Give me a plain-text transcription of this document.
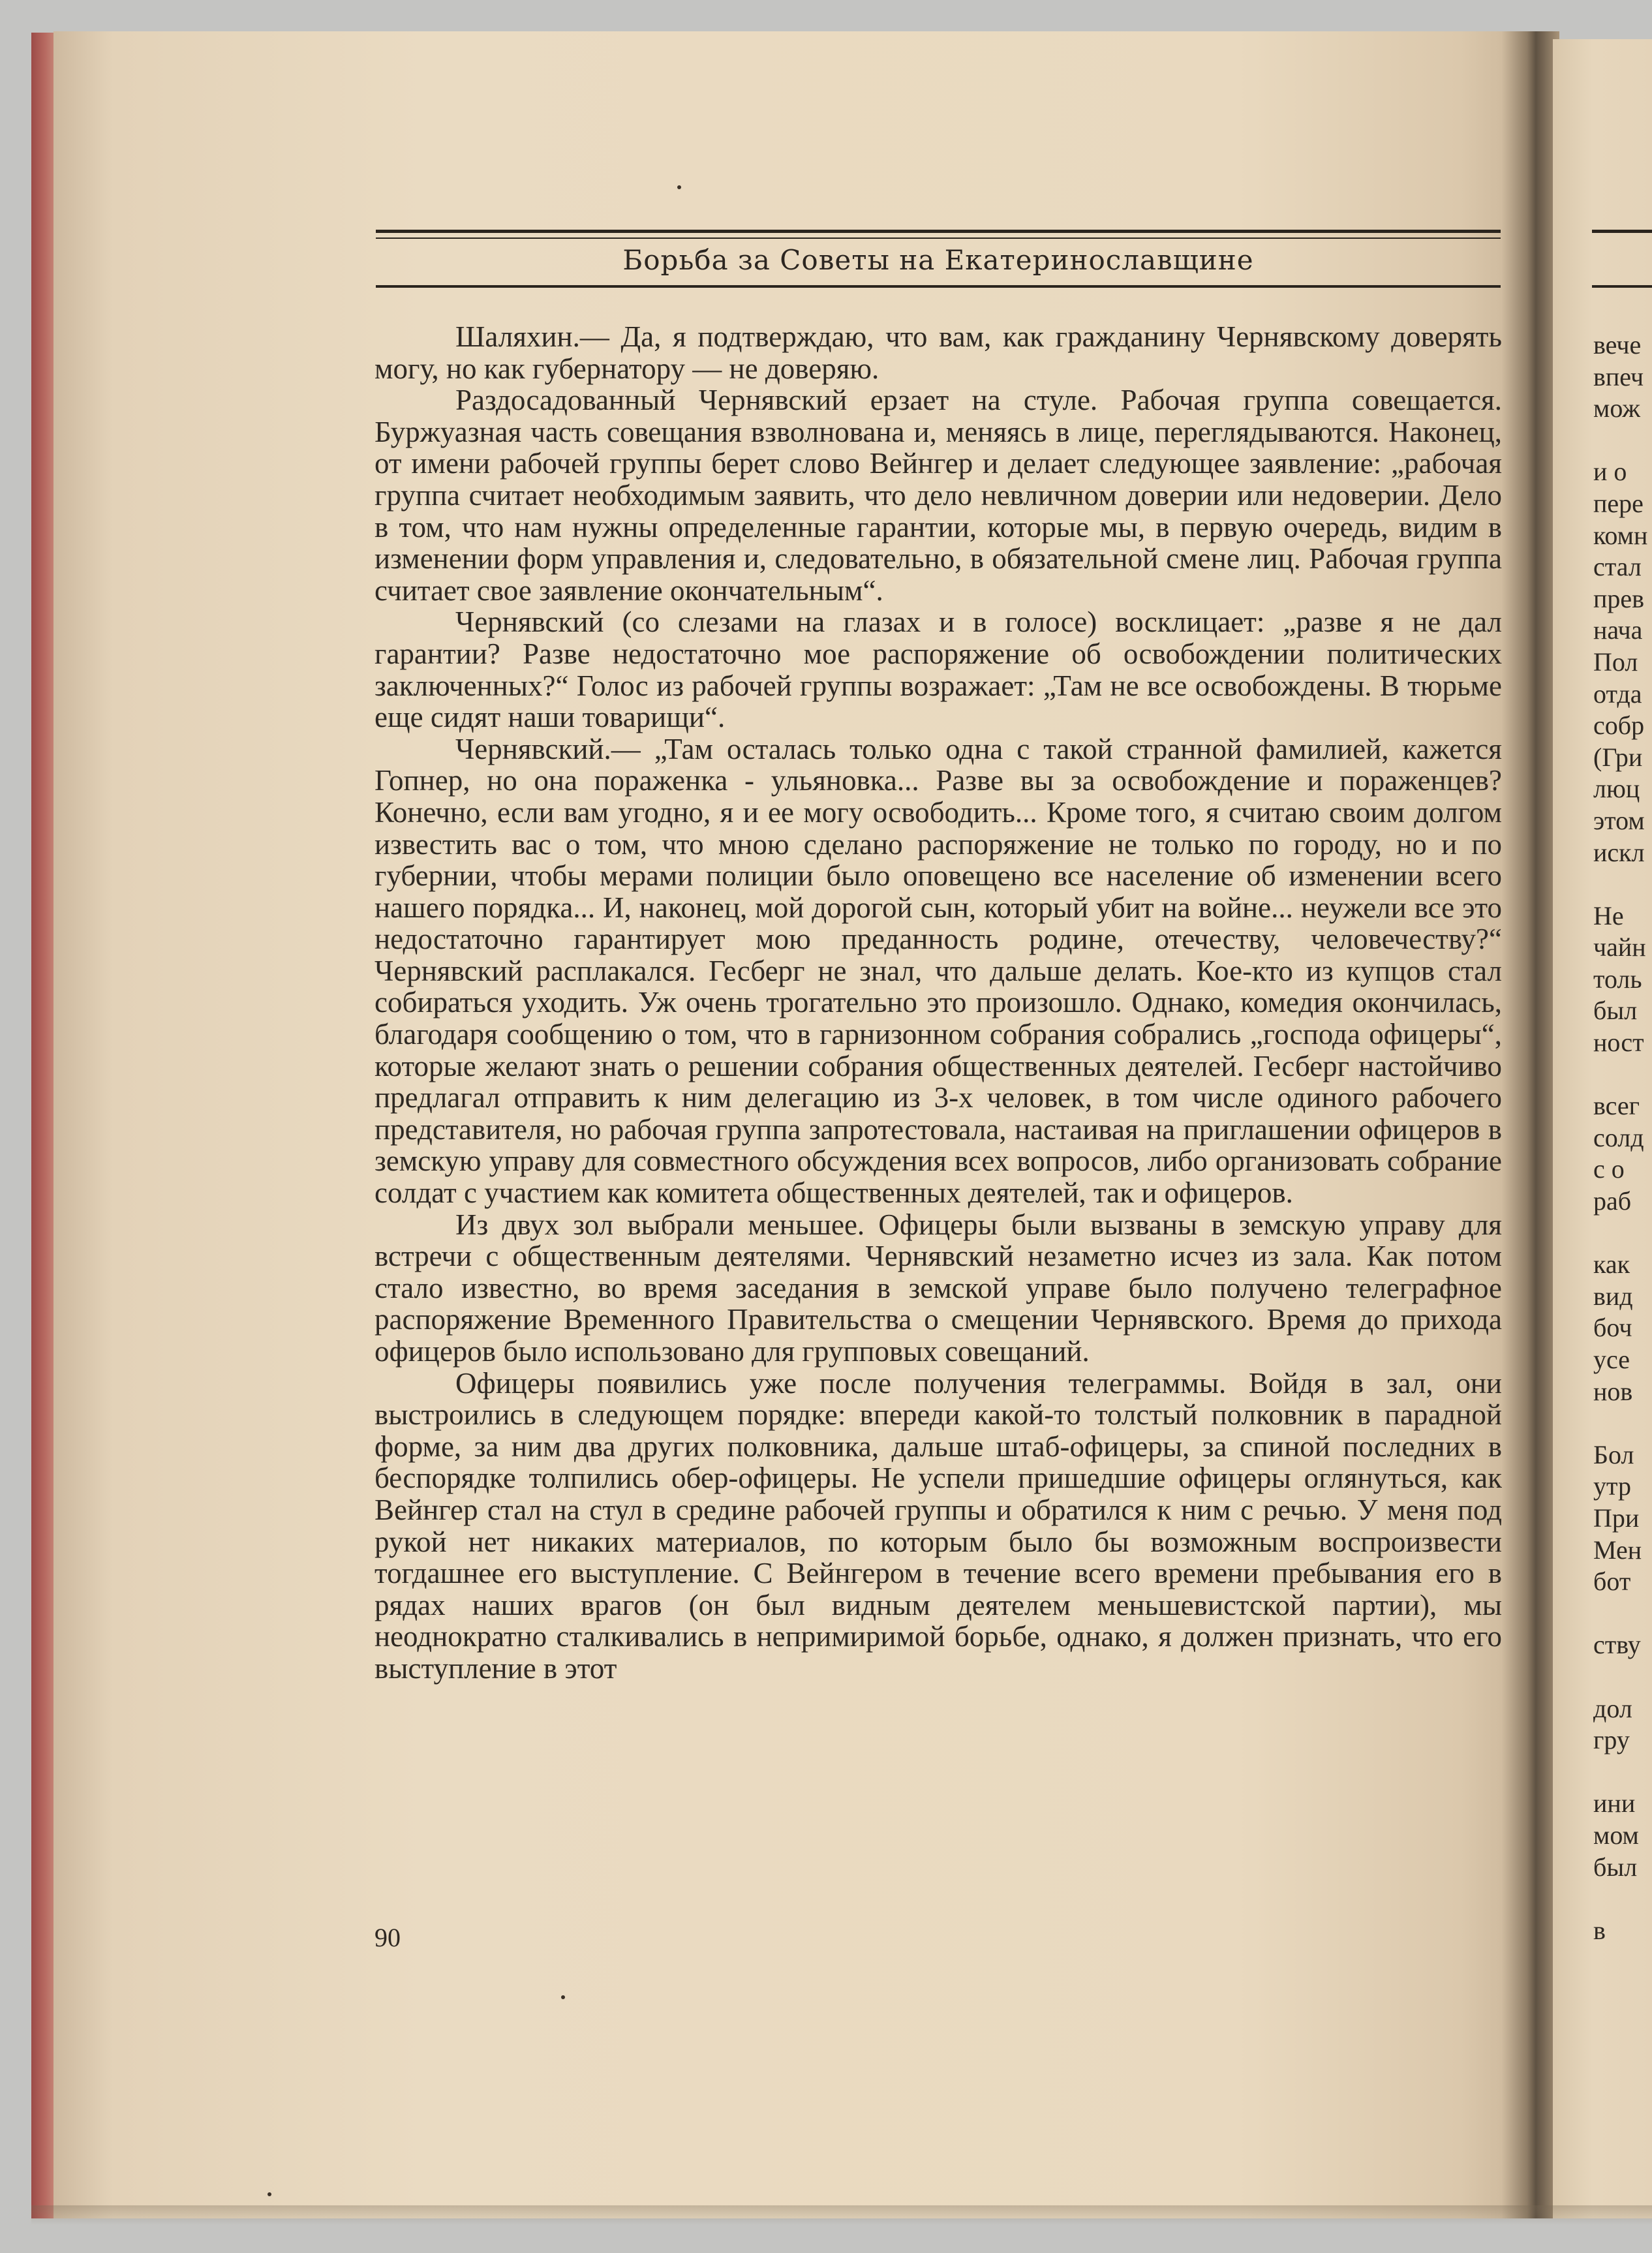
Борьба за Советы на Екатеринославщине

Шаляхин.— Да, я подтверждаю, что вам, как гражданину Чернявскому доверять могу, но как губернатору — не доверяю.

Раздосадованный Чернявский ерзает на стуле. Рабочая группа совещается. Буржуазная часть совещания взволнована и, меняясь в лице, переглядываются. Наконец, от имени рабочей группы берет слово Вейнгер и делает следующее заявление: „рабочая группа считает необходимым заявить, что дело невличном доверии или недоверии. Дело в том, что нам нужны определенные гарантии, которые мы, в первую очередь, видим в изменении форм управления и, следовательно, в обязательной смене лиц. Рабочая группа считает свое заявление окончательным“.

Чернявский (со слезами на глазах и в голосе) восклицает: „разве я не дал гарантии? Разве недостаточно мое распоряжение об освобождении политических заключенных?“ Голос из рабочей группы возражает: „Там не все освобождены. В тюрьме еще сидят наши товарищи“.

Чернявский.— „Там осталась только одна с такой странной фамилией, кажется Гопнер, но она пораженка - ульяновка... Разве вы за освобождение и пораженцев? Конечно, если вам угодно, я и ее могу освободить... Кроме того, я считаю своим долгом известить вас о том, что мною сделано распоряжение не только по городу, но и по губернии, чтобы мерами полиции было оповещено все население об изменении всего нашего порядка... И, наконец, мой дорогой сын, который убит на войне... неужели все это недостаточно гарантирует мою преданность родине, отечеству, человечеству?“ Чернявский расплакался. Гесберг не знал, что дальше делать. Кое-кто из купцов стал собираться уходить. Уж очень трогательно это произошло. Однако, комедия окончилась, благодаря сообщению о том, что в гарнизонном собрания собрались „господа офицеры“, которые желают знать о решении собрания общественных деятелей. Гесберг настойчиво предлагал отправить к ним делегацию из 3-х человек, в том числе одиного рабочего представителя, но рабочая группа запротестовала, настаивая на приглашении офицеров в земскую управу для совместного обсуждения всех вопросов, либо организовать собрание солдат с участием как комитета общественных деятелей, так и офицеров.

Из двух зол выбрали меньшее. Офицеры были вызваны в земскую управу для встречи с общественным деятелями. Чернявский незаметно исчез из зала. Как потом стало известно, во время заседания в земской управе было получено телеграфное распоряжение Временного Правительства о смещении Чернявского. Время до прихода офицеров было использовано для групповых совещаний.

Офицеры появились уже после получения телеграммы. Войдя в зал, они выстроились в следующем порядке: впереди какой-то толстый полковник в парадной форме, за ним два других полковника, дальше штаб-офицеры, за спиной последних в беспорядке толпились обер-офицеры. Не успели пришедшие офицеры оглянуться, как Вейнгер стал на стул в средине рабочей группы и обратился к ним с речью. У меня под рукой нет никаких материалов, по которым было бы возможным воспроизвести тогдашнее его выступление. С Вейнгером в течение всего времени пребывания его в рядах наших врагов (он был видным деятелем меньшевистской партии), мы неоднократно сталкивались в непримиримой борьбе, однако, я должен признать, что его выступление в этот

90
вече
впеч
мож
и о
пере
комн
стал
прев
нача
Пол
отда
собр
(Гри
люц
этом
искл
Не
чайн
толь
был
ност
всег
солд
с о
раб
как
вид
боч
усе
нов
Бол
утр
При
Мен
бот
ству
дол
гру
ини
мом
был
в
